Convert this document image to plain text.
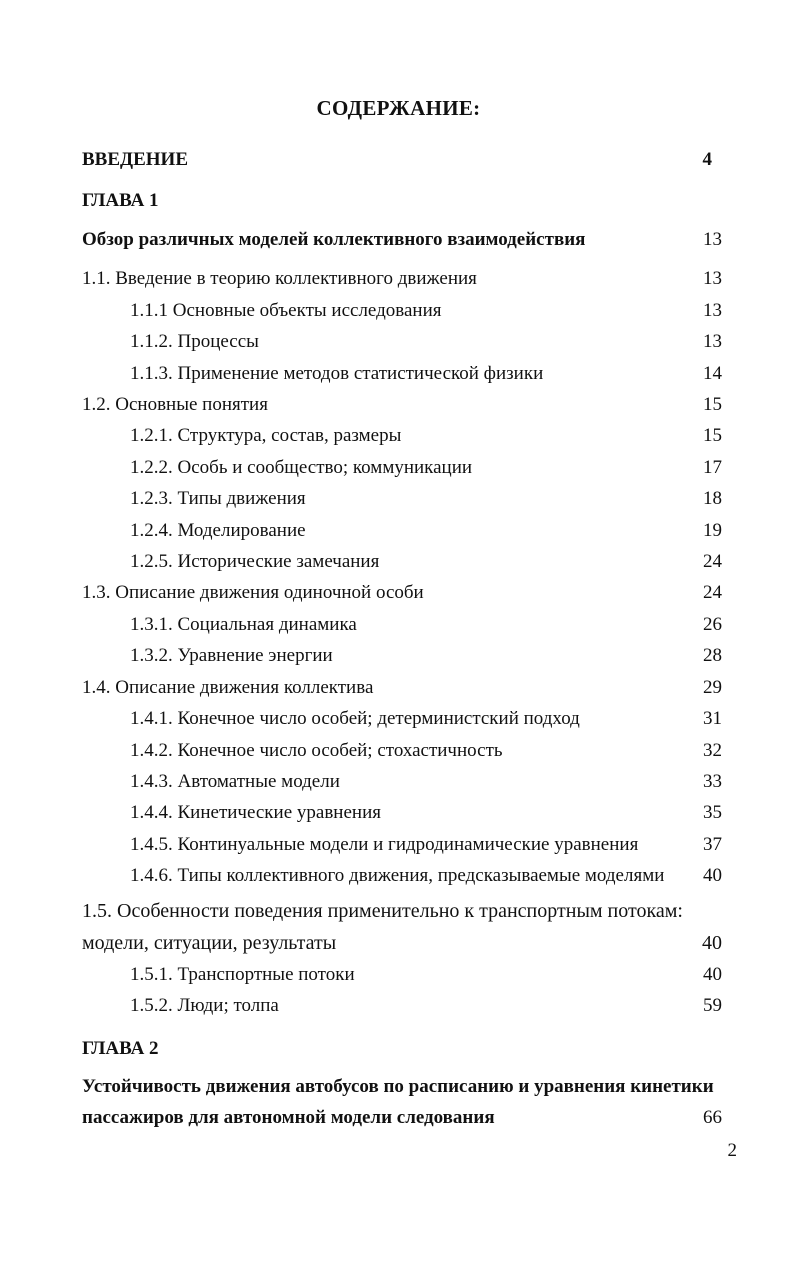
СОДЕРЖАНИЕ:
ВВЕДЕНИЕ	4
ГЛАВА 1
Обзор различных моделей коллективного взаимодействия	13
1.1. Введение в теорию коллективного движения	13
1.1.1 Основные объекты исследования	13
1.1.2. Процессы	13
1.1.3. Применение методов статистической физики	14
1.2. Основные понятия	15
1.2.1. Структура, состав, размеры	15
1.2.2. Особь и сообщество; коммуникации	17
1.2.3. Типы движения	18
1.2.4. Моделирование	19
1.2.5. Исторические замечания	24
1.3. Описание движения одиночной особи	24
1.3.1. Социальная динамика	26
1.3.2. Уравнение энергии	28
1.4. Описание движения коллектива	29
1.4.1. Конечное число особей; детерминистский подход	31
1.4.2. Конечное число особей; стохастичность	32
1.4.3. Автоматные модели	33
1.4.4. Кинетические уравнения	35
1.4.5. Континуальные модели и гидродинамические уравнения	37
1.4.6. Типы коллективного движения, предсказываемые моделями 40
1.5. Особенности поведения применительно к транспортным потокам:
модели, ситуации, результаты	40
1.5.1. Транспортные потоки	40
1.5.2. Люди; толпа	59
ГЛАВА 2
Устойчивость движения автобусов по расписанию и уравнения кинетики
пассажиров для автономной модели следования	66
2
